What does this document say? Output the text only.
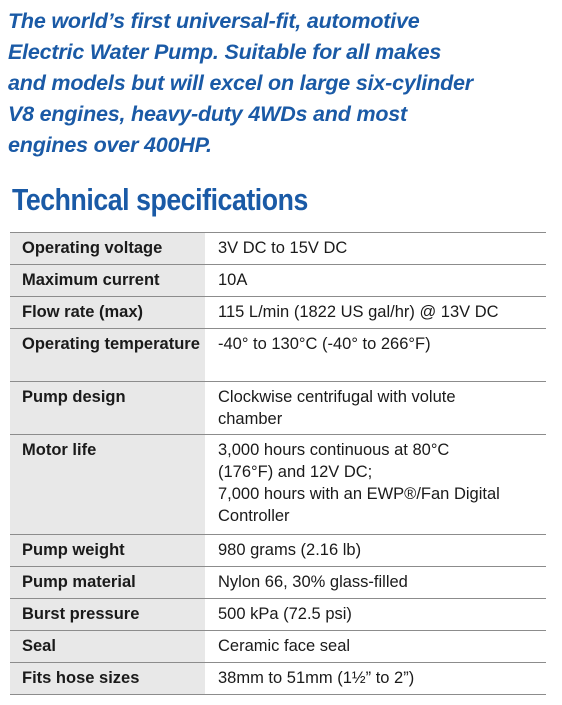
The world’s first universal-fit, automotive
Electric Water Pump. Suitable for all makes
and models but will excel on large six-cylinder
V8 engines, heavy-duty 4WDs and most
engines over 400HP.
Technical specifications
Operating voltage	3V DC to 15V DC
Maximum current	10A
Flow rate (max)	115 L/min (1822 US gal/hr) @ 13V DC
Operating temperature	-40° to 130°C (-40° to 266°F)
Pump design	Clockwise centrifugal with volute
chamber
Motor life	3,000 hours continuous at 80°C
(176°F) and 12V DC;
7,000 hours with an EWP®/Fan Digital
Controller
Pump weight	980 grams (2.16 lb)
Pump material	Nylon 66, 30% glass-filled
Burst pressure	500 kPa (72.5 psi)
Seal	Ceramic face seal
Fits hose sizes	38mm to 51mm (1½” to 2”)
